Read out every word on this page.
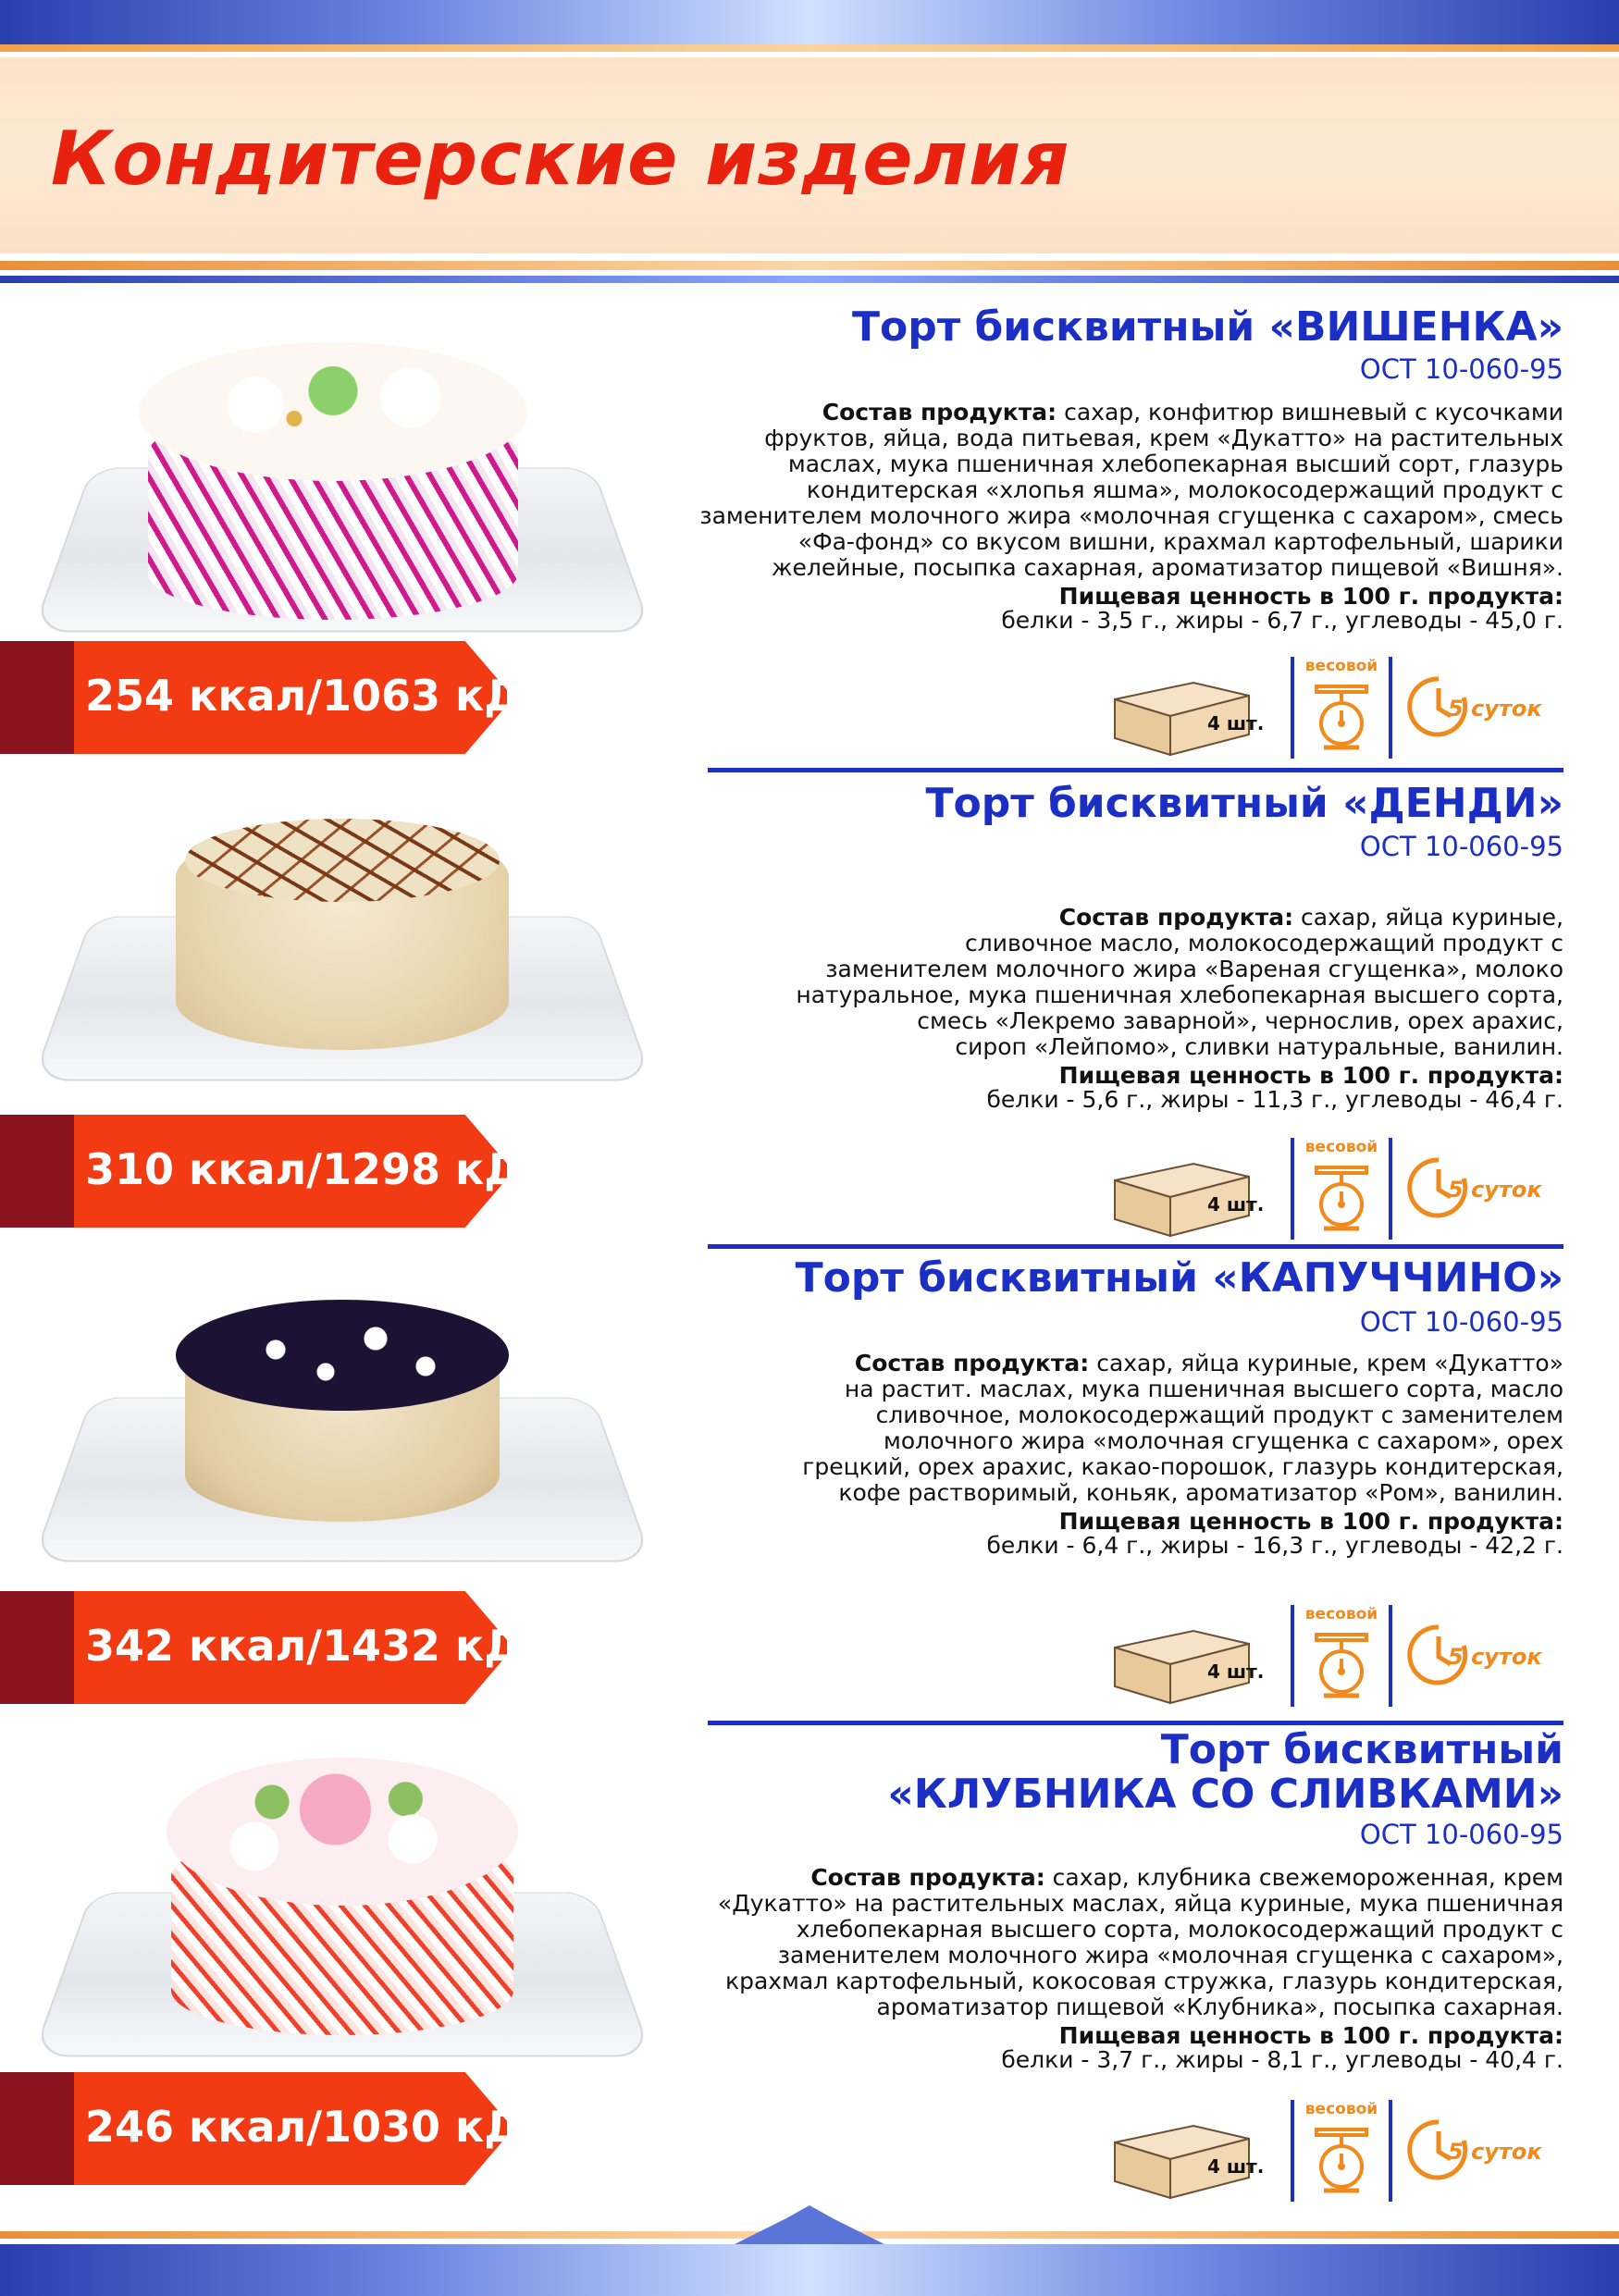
Кондитерские изделия
254 ккал/1063 кДж
Торт бисквитный «ВИШЕНКА»
ОСТ 10-060-95
Состав продукта: сахар, конфитюр вишневый с кусочками
фруктов, яйца, вода питьевая, крем «Дукатто» на растительных
маслах, мука пшеничная хлебопекарная высший сорт, глазурь
кондитерская «хлопья яшма», молокосодержащий продукт с
заменителем молочного жира «молочная сгущенка с сахаром», смесь
«Фа-фонд» со вкусом вишни, крахмал картофельный, шарики
желейные, посыпка сахарная, ароматизатор пищевой «Вишня».
Пищевая ценность в 100 г. продукта:
белки - 3,5 г., жиры - 6,7 г., углеводы - 45,0 г.
4 шт.
весовой
5 суток
310 ккал/1298 кДж
Торт бисквитный «ДЕНДИ»
ОСТ 10-060-95
Состав продукта: сахар, яйца куриные,
сливочное масло, молокосодержащий продукт с
заменителем молочного жира «Вареная сгущенка», молоко
натуральное, мука пшеничная хлебопекарная высшего сорта,
смесь «Лекремо заварной», чернослив, орех арахис,
сироп «Лейпомо», сливки натуральные, ванилин.
Пищевая ценность в 100 г. продукта:
белки - 5,6 г., жиры - 11,3 г., углеводы - 46,4 г.
4 шт.
весовой
5 суток
342 ккал/1432 кДж
Торт бисквитный «КАПУЧЧИНО»
ОСТ 10-060-95
Состав продукта: сахар, яйца куриные, крем «Дукатто»
на растит. маслах, мука пшеничная высшего сорта, масло
сливочное, молокосодержащий продукт с заменителем
молочного жира «молочная сгущенка с сахаром», орех
грецкий, орех арахис, какао-порошок, глазурь кондитерская,
кофе растворимый, коньяк, ароматизатор «Ром», ванилин.
Пищевая ценность в 100 г. продукта:
белки - 6,4 г., жиры - 16,3 г., углеводы - 42,2 г.
4 шт.
весовой
5 суток
246 ккал/1030 кДж
Торт бисквитный
«КЛУБНИКА СО СЛИВКАМИ»
ОСТ 10-060-95
Состав продукта: сахар, клубника свежемороженная, крем
«Дукатто» на растительных маслах, яйца куриные, мука пшеничная
хлебопекарная высшего сорта, молокосодержащий продукт с
заменителем молочного жира «молочная сгущенка с сахаром»,
крахмал картофельный, кокосовая стружка, глазурь кондитерская,
ароматизатор пищевой «Клубника», посыпка сахарная.
Пищевая ценность в 100 г. продукта:
белки - 3,7 г., жиры - 8,1 г., углеводы - 40,4 г.
4 шт.
весовой
5 суток
